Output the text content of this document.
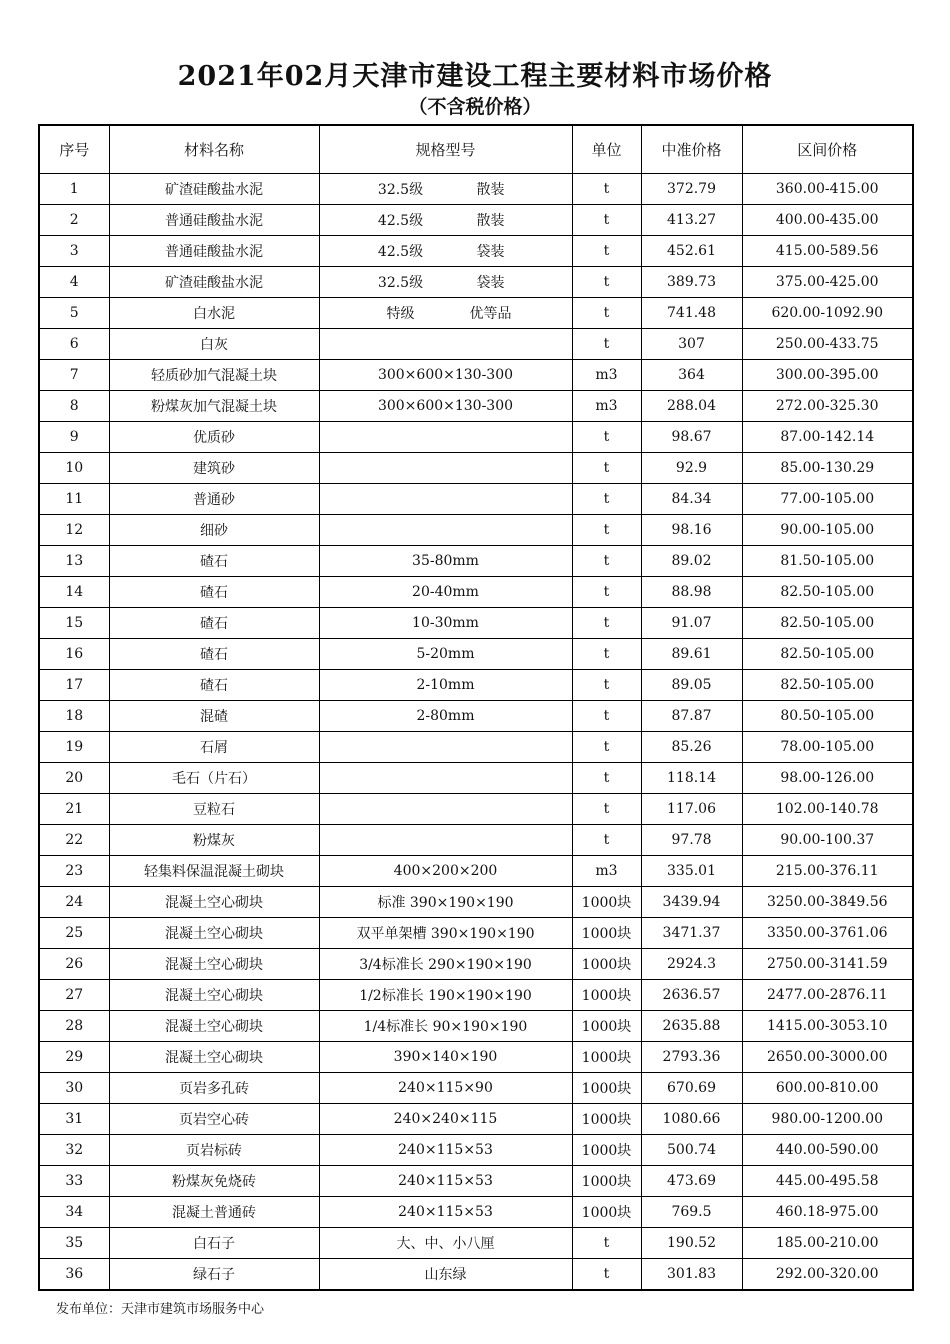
2021年02月天津市建设工程主要材料市场价格
（不含税价格）
序号	材料名称	规格型号	单位	中准价格	区间价格
1	矿渣硅酸盐水泥	32.5级 散装	t	372.79	360.00-415.00
2	普通硅酸盐水泥	42.5级 散装	t	413.27	400.00-435.00
3	普通硅酸盐水泥	42.5级 袋装	t	452.61	415.00-589.56
4	矿渣硅酸盐水泥	32.5级 袋装	t	389.73	375.00-425.00
5	白水泥	特级 优等品	t	741.48	620.00-1092.90
6	白灰		t	307	250.00-433.75
7	轻质砂加气混凝土块	300×600×130-300	m3	364	300.00-395.00
8	粉煤灰加气混凝土块	300×600×130-300	m3	288.04	272.00-325.30
9	优质砂		t	98.67	87.00-142.14
10	建筑砂		t	92.9	85.00-130.29
11	普通砂		t	84.34	77.00-105.00
12	细砂		t	98.16	90.00-105.00
13	碴石	35-80mm	t	89.02	81.50-105.00
14	碴石	20-40mm	t	88.98	82.50-105.00
15	碴石	10-30mm	t	91.07	82.50-105.00
16	碴石	5-20mm	t	89.61	82.50-105.00
17	碴石	2-10mm	t	89.05	82.50-105.00
18	混碴	2-80mm	t	87.87	80.50-105.00
19	石屑		t	85.26	78.00-105.00
20	毛石（片石）		t	118.14	98.00-126.00
21	豆粒石		t	117.06	102.00-140.78
22	粉煤灰		t	97.78	90.00-100.37
23	轻集料保温混凝土砌块	400×200×200	m3	335.01	215.00-376.11
24	混凝土空心砌块	标准 390×190×190	1000块	3439.94	3250.00-3849.56
25	混凝土空心砌块	双平单架槽 390×190×190	1000块	3471.37	3350.00-3761.06
26	混凝土空心砌块	3/4标准长 290×190×190	1000块	2924.3	2750.00-3141.59
27	混凝土空心砌块	1/2标准长 190×190×190	1000块	2636.57	2477.00-2876.11
28	混凝土空心砌块	1/4标准长 90×190×190	1000块	2635.88	1415.00-3053.10
29	混凝土空心砌块	390×140×190	1000块	2793.36	2650.00-3000.00
30	页岩多孔砖	240×115×90	1000块	670.69	600.00-810.00
31	页岩空心砖	240×240×115	1000块	1080.66	980.00-1200.00
32	页岩标砖	240×115×53	1000块	500.74	440.00-590.00
33	粉煤灰免烧砖	240×115×53	1000块	473.69	445.00-495.58
34	混凝土普通砖	240×115×53	1000块	769.5	460.18-975.00
35	白石子	大、中、小八厘	t	190.52	185.00-210.00
36	绿石子	山东绿	t	301.83	292.00-320.00
发布单位：天津市建筑市场服务中心
